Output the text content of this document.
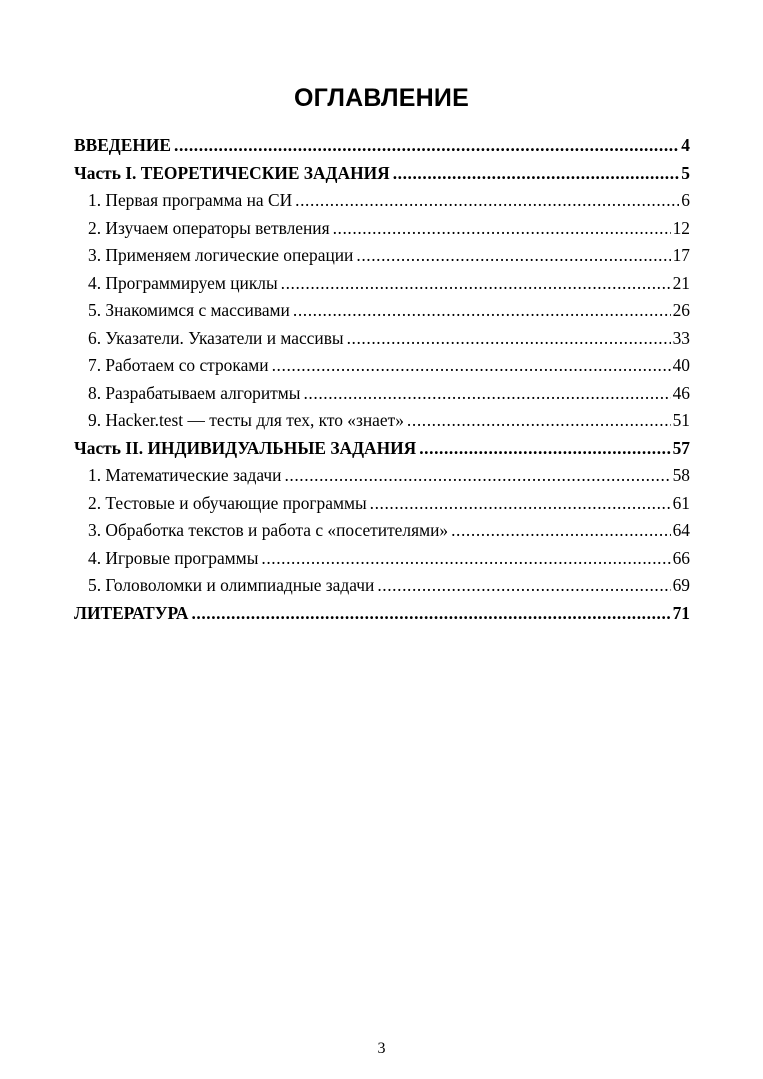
ОГЛАВЛЕНИЕ
ВВЕДЕНИЕ .....	4
Часть I. ТЕОРЕТИЧЕСКИЕ ЗАДАНИЯ .....	5
1. Первая программа на СИ .....	6
2. Изучаем операторы ветвления .....	12
3. Применяем логические операции .....	17
4. Программируем циклы .....	21
5. Знакомимся с массивами .....	26
6. Указатели. Указатели и массивы .....	33
7. Работаем со строками .....	40
8. Разрабатываем алгоритмы .....	46
9. Hacker.test — тесты для тех, кто «знает» .....	51
Часть II. ИНДИВИДУАЛЬНЫЕ ЗАДАНИЯ .....	57
1. Математические задачи .....	58
2. Тестовые и обучающие программы .....	61
3. Обработка текстов и работа с «посетителями» .....	64
4. Игровые программы .....	66
5. Головоломки и олимпиадные задачи .....	69
ЛИТЕРАТУРА .....	71
3
